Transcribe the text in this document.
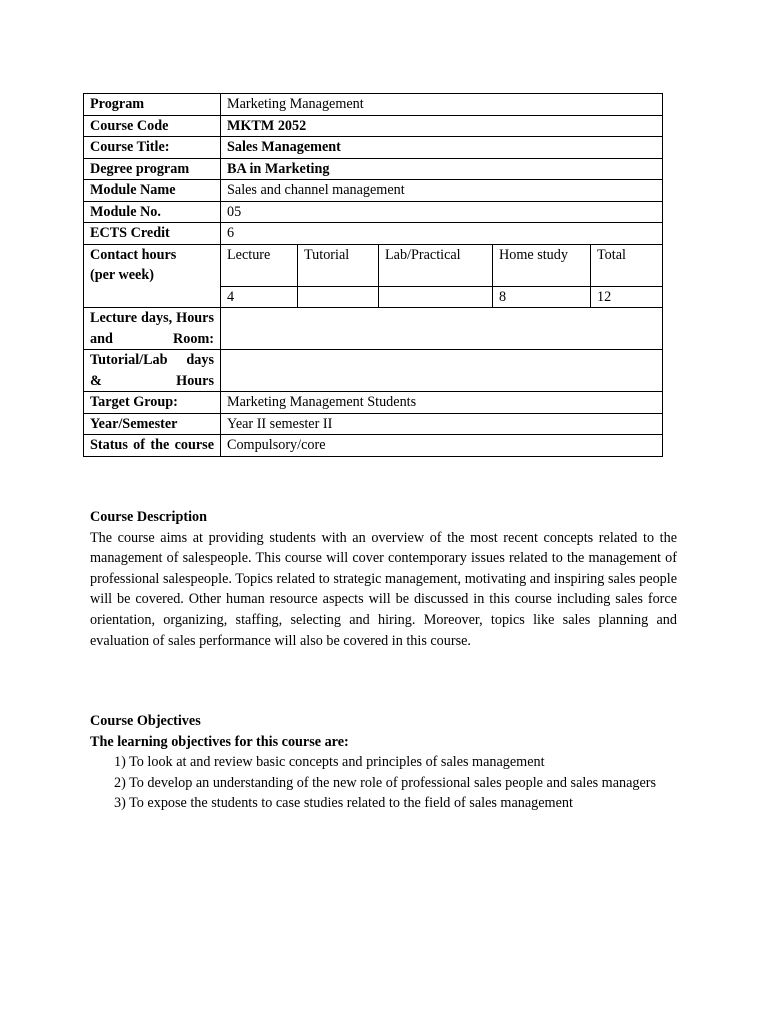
Program	Marketing Management
Course Code	MKTM 2052
Course Title:	Sales Management
Degree program	BA in Marketing
Module Name	Sales and channel management
Module No.	05
ECTS Credit	6

Contact hours
(per week)

Lecture	Tutorial	Lab/Practical	Home study	Total
4			8	12

Lecture days, Hours and Room:	
Tutorial/Lab days & Hours	
Target Group:	Marketing Management Students
Year/Semester	Year II semester II
Status of the course	Compulsory/core
Course Description
The course aims at providing students with an overview of the most recent concepts related to the management of salespeople. This course will cover contemporary issues related to the management of professional salespeople. Topics related to strategic management, motivating and inspiring sales people will be covered. Other human resource aspects will be discussed in this course including sales force orientation, organizing, staffing, selecting and hiring. Moreover, topics like sales planning and evaluation of sales performance will also be covered in this course.
Course Objectives
The learning objectives for this course are:
1) To look at and review basic concepts and principles of sales management
2) To develop an understanding of the new role of professional sales people and sales managers
3) To expose the students to case studies related to the field of sales management
